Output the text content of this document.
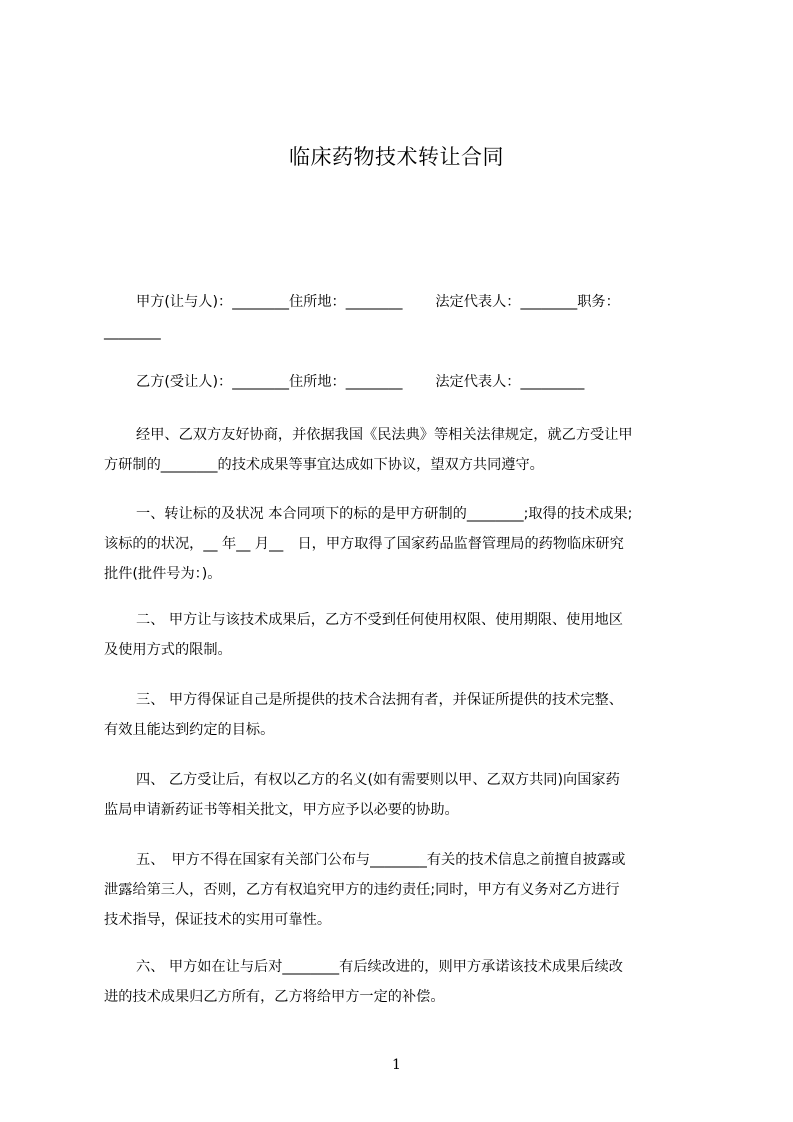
临床药物技术转让合同
甲方(让与人)：________住所地：________　　 法定代表人：________职务：
________
乙方(受让人)：________住所地：________　　 法定代表人：_________
经甲、乙双方友好协商，并依据我国《民法典》等相关法律规定，就乙方受让甲
方研制的________的技术成果等事宜达成如下协议，望双方共同遵守。
一、转让标的及状况 本合同项下的标的是甲方研制的________;取得的技术成果;
该标的的状况，__ 年__ 月__　日，甲方取得了国家药品监督管理局的药物临床研究
批件(批件号为：)。
二、 甲方让与该技术成果后，乙方不受到任何使用权限、使用期限、使用地区
及使用方式的限制。
三、 甲方得保证自己是所提供的技术合法拥有者，并保证所提供的技术完整、
有效且能达到约定的目标。
四、 乙方受让后，有权以乙方的名义(如有需要则以甲、乙双方共同)向国家药
监局申请新药证书等相关批文，甲方应予以必要的协助。
五、　甲方不得在国家有关部门公布与________有关的技术信息之前擅自披露或
泄露给第三人，否则，乙方有权追究甲方的违约责任;同时，甲方有义务对乙方进行
技术指导，保证技术的实用可靠性。
六、 甲方如在让与后对________有后续改进的，则甲方承诺该技术成果后续改
进的技术成果归乙方所有，乙方将给甲方一定的补偿。
1
